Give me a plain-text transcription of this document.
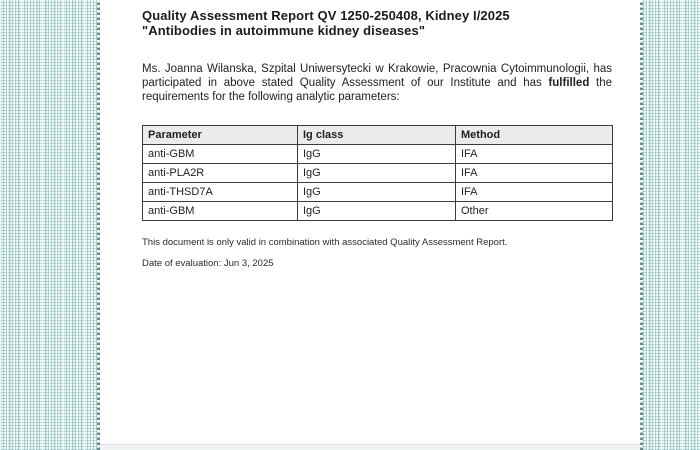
Quality Assessment Report QV 1250-250408, Kidney I/2025
"Antibodies in autoimmune kidney diseases"

Ms. Joanna Wilanska, Szpital Uniwersytecki w Krakowie, Pracownia Cytoimmunologii, has participated in above stated Quality Assessment of our Institute and has fulfilled the requirements for the following analytic parameters:

Parameter	Ig class	Method
anti-GBM	IgG	IFA
anti-PLA2R	IgG	IFA
anti-THSD7A	IgG	IFA
anti-GBM	IgG	Other
This document is only valid in combination with associated Quality Assessment Report.
Date of evaluation: Jun 3, 2025
